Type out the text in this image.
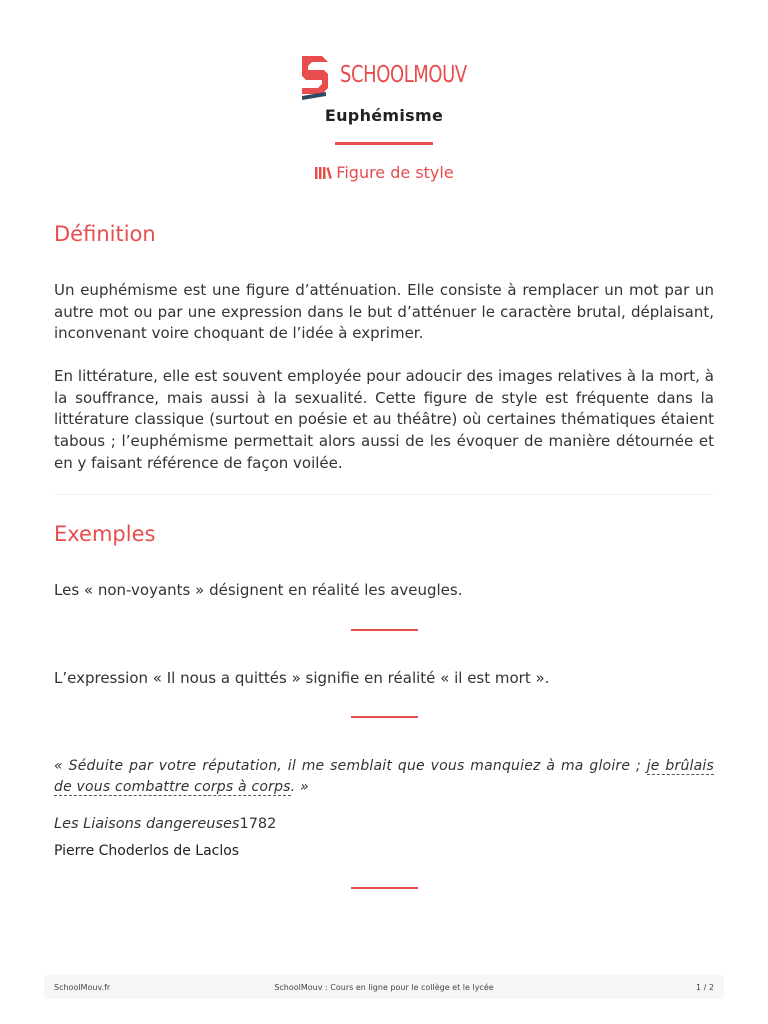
SCHOOLMOUV
Euphémisme
Figure de style
Définition

Un euphémisme est une figure d’atténuation. Elle consiste à remplacer un mot par un autre mot ou par une expression dans le but d’atténuer le caractère brutal, déplaisant, inconvenant voire choquant de l’idée à exprimer.

En littérature, elle est souvent employée pour adoucir des images relatives à la mort, à la souffrance, mais aussi à la sexualité. Cette figure de style est fréquente dans la littérature classique (surtout en poésie et au théâtre) où certaines thématiques étaient tabous ; l’euphémisme permettait alors aussi de les évoquer de manière détournée et en y faisant référence de façon voilée.

Exemples

Les « non-voyants » désignent en réalité les aveugles.

L’expression « Il nous a quittés » signifie en réalité « il est mort ».

« Séduite par votre réputation, il me semblait que vous manquiez à ma gloire ; je brûlais de vous combattre corps à corps. »

Les Liaisons dangereuses1782
Pierre Choderlos de Laclos
SchoolMouv.fr	SchoolMouv : Cours en ligne pour le collège et le lycée	1 / 2
